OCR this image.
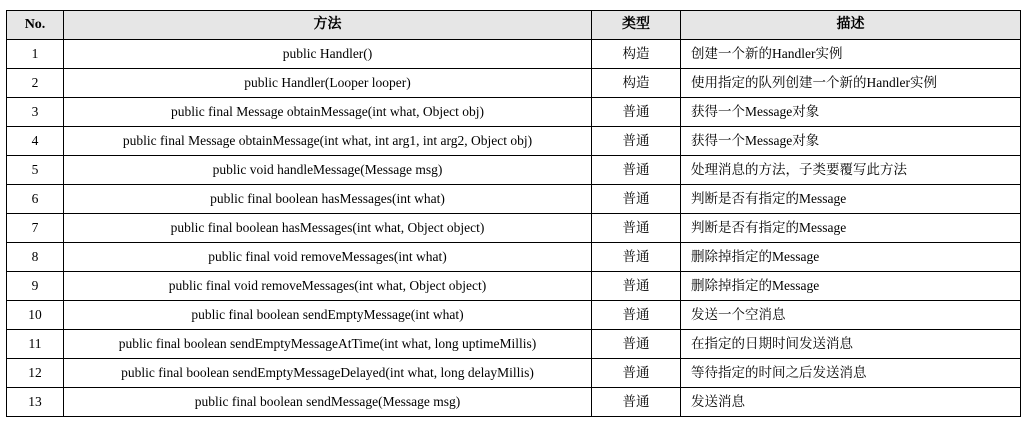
No.	方法	类型	描述
1	public Handler()	构造	创建一个新的Handler实例
2	public Handler(Looper looper)	构造	使用指定的队列创建一个新的Handler实例
3	public final Message obtainMessage(int what, Object obj)	普通	获得一个Message对象
4	public final Message obtainMessage(int what, int arg1, int arg2, Object obj)	普通	获得一个Message对象
5	public void handleMessage(Message msg)	普通	处理消息的方法，子类要覆写此方法
6	public final boolean hasMessages(int what)	普通	判断是否有指定的Message
7	public final boolean hasMessages(int what, Object object)	普通	判断是否有指定的Message
8	public final void removeMessages(int what)	普通	删除掉指定的Message
9	public final void removeMessages(int what, Object object)	普通	删除掉指定的Message
10	public final boolean sendEmptyMessage(int what)	普通	发送一个空消息
11	public final boolean sendEmptyMessageAtTime(int what, long uptimeMillis)	普通	在指定的日期时间发送消息
12	public final boolean sendEmptyMessageDelayed(int what, long delayMillis)	普通	等待指定的时间之后发送消息
13	public final boolean sendMessage(Message msg)	普通	发送消息
